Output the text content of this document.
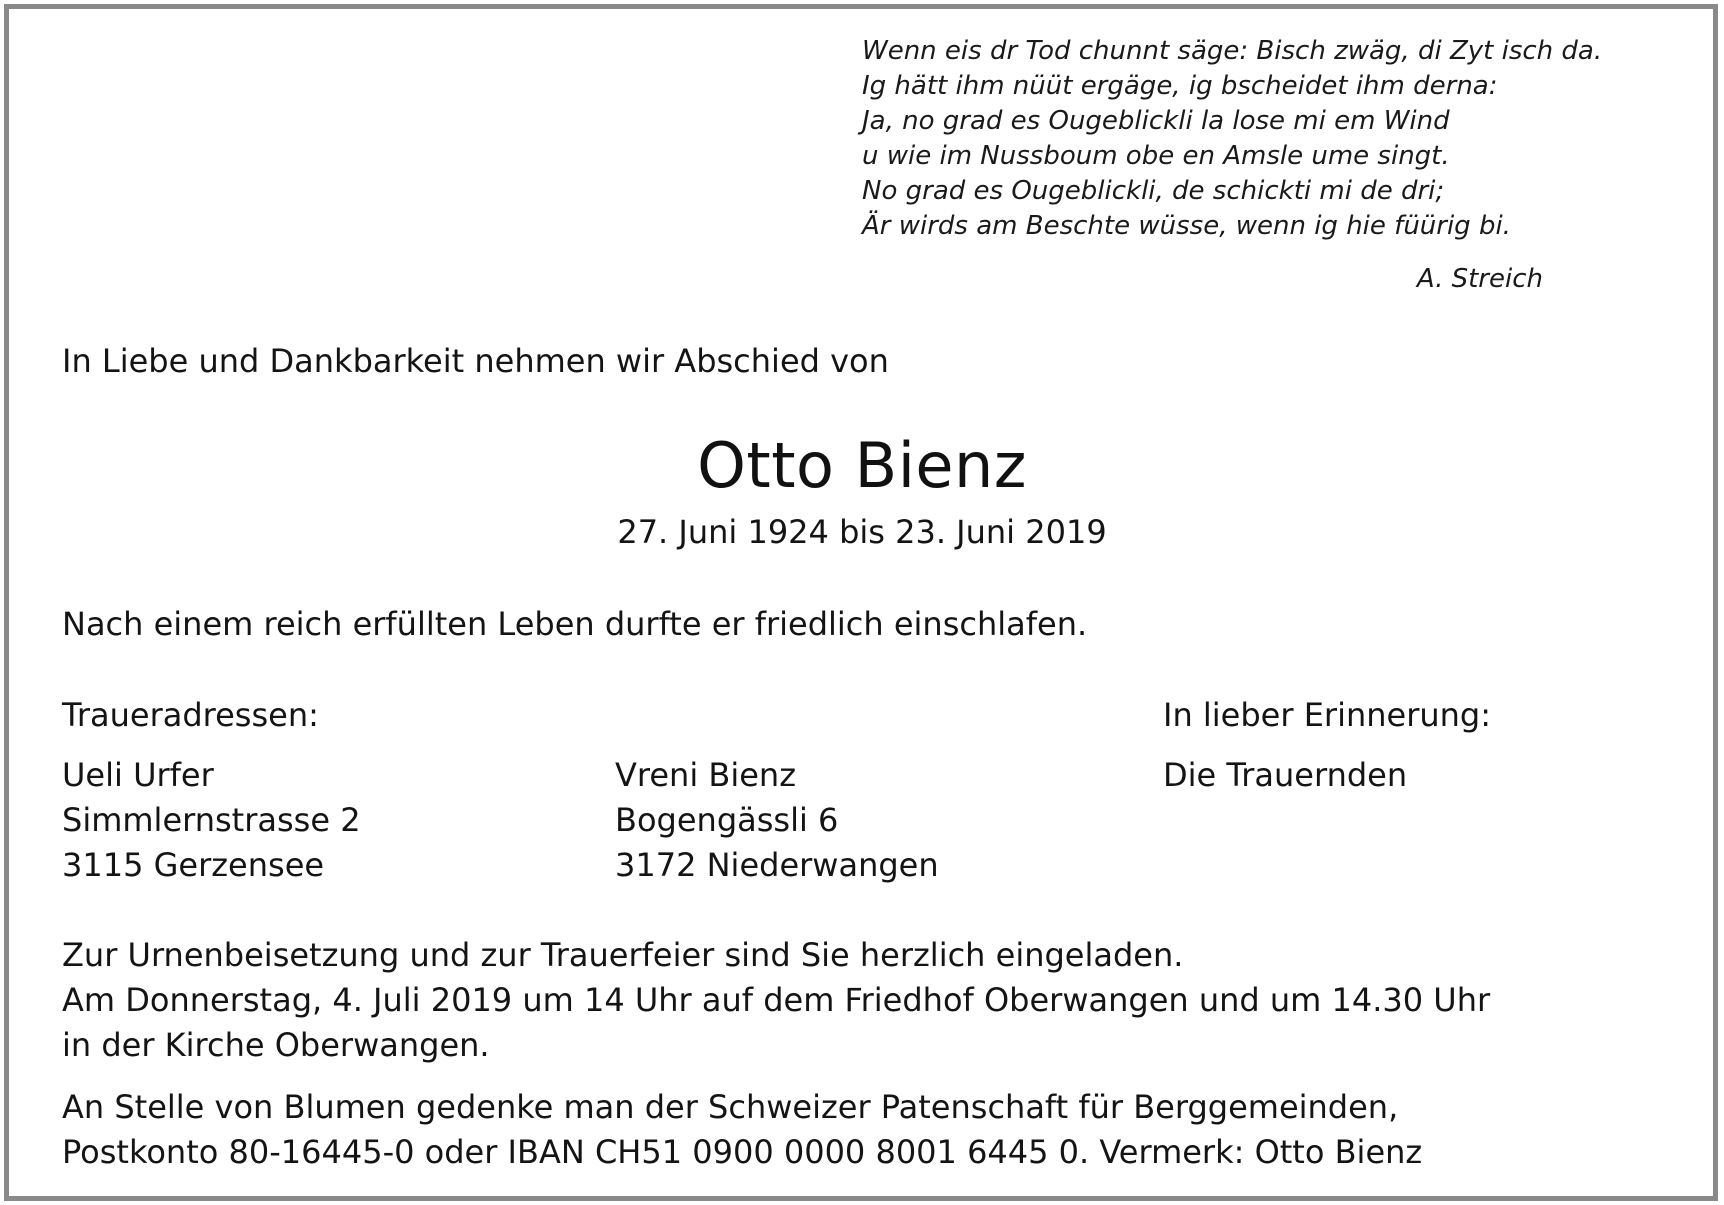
Wenn eis dr Tod chunnt säge: Bisch zwäg, di Zyt isch da.
Ig hätt ihm nüüt ergäge, ig bscheidet ihm derna:
Ja, no grad es Ougeblickli la lose mi em Wind
u wie im Nussboum obe en Amsle ume singt.
No grad es Ougeblickli, de schickti mi de dri;
Är wirds am Beschte wüsse, wenn ig hie füürig bi.
A. Streich
In Liebe und Dankbarkeit nehmen wir Abschied von
Otto Bienz
27. Juni 1924 bis 23. Juni 2019
Nach einem reich erfüllten Leben durfte er friedlich einschlafen.
Traueradressen:	In lieber Erinnerung:
Ueli Urfer
Simmlernstrasse 2
3115 Gerzensee
Vreni Bienz
Bogengässli 6
3172 Niederwangen
Die Trauernden
Zur Urnenbeisetzung und zur Trauerfeier sind Sie herzlich eingeladen.
Am Donnerstag, 4. Juli 2019 um 14 Uhr auf dem Friedhof Oberwangen und um 14.30 Uhr
in der Kirche Oberwangen.
An Stelle von Blumen gedenke man der Schweizer Patenschaft für Berggemeinden,
Postkonto 80-16445-0 oder IBAN CH51 0900 0000 8001 6445 0. Vermerk: Otto Bienz
